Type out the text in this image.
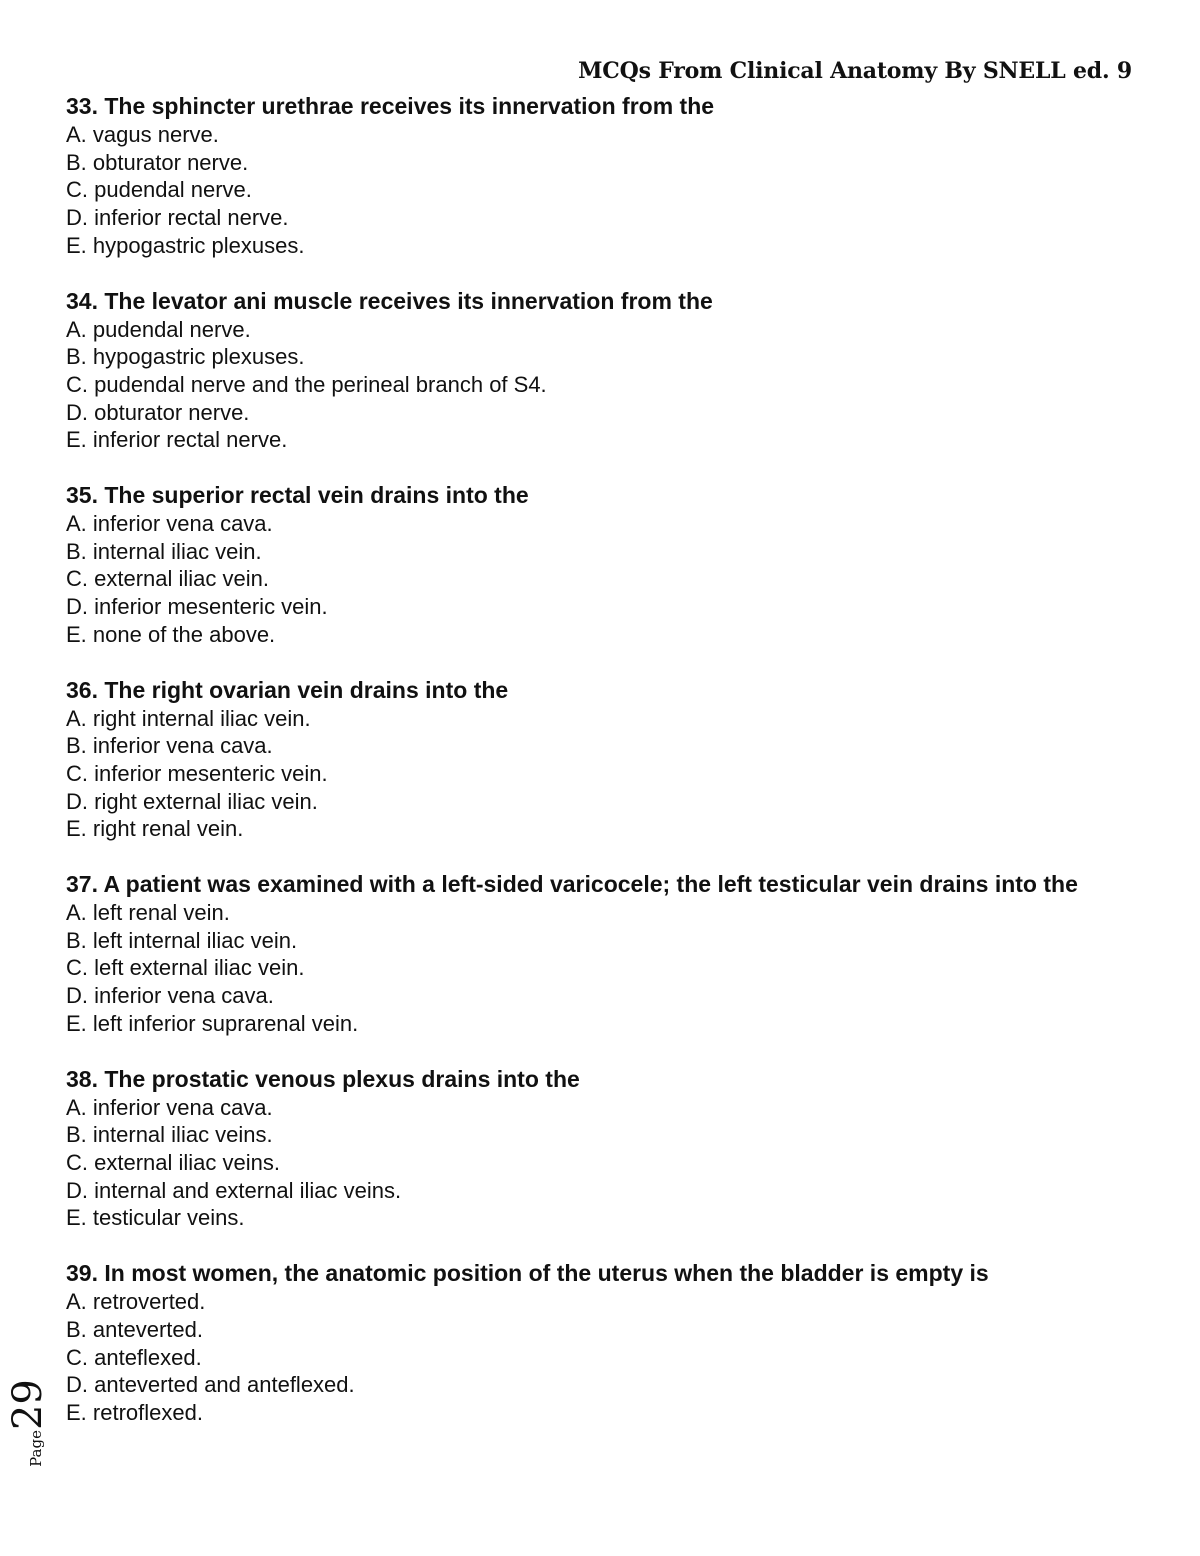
MCQs From Clinical Anatomy By SNELL ed. 9
33. The sphincter urethrae receives its innervation from the
A. vagus nerve.
B. obturator nerve.
C. pudendal nerve.
D. inferior rectal nerve.
E. hypogastric plexuses.
34. The levator ani muscle receives its innervation from the
A. pudendal nerve.
B. hypogastric plexuses.
C. pudendal nerve and the perineal branch of S4.
D. obturator nerve.
E. inferior rectal nerve.
35. The superior rectal vein drains into the
A. inferior vena cava.
B. internal iliac vein.
C. external iliac vein.
D. inferior mesenteric vein.
E. none of the above.
36. The right ovarian vein drains into the
A. right internal iliac vein.
B. inferior vena cava.
C. inferior mesenteric vein.
D. right external iliac vein.
E. right renal vein.
37. A patient was examined with a left-sided varicocele; the left testicular vein drains into the
A. left renal vein.
B. left internal iliac vein.
C. left external iliac vein.
D. inferior vena cava.
E. left inferior suprarenal vein.
38. The prostatic venous plexus drains into the
A. inferior vena cava.
B. internal iliac veins.
C. external iliac veins.
D. internal and external iliac veins.
E. testicular veins.
39. In most women, the anatomic position of the uterus when the bladder is empty is
A. retroverted.
B. anteverted.
C. anteflexed.
D. anteverted and anteflexed.
E. retroflexed.
Page29
